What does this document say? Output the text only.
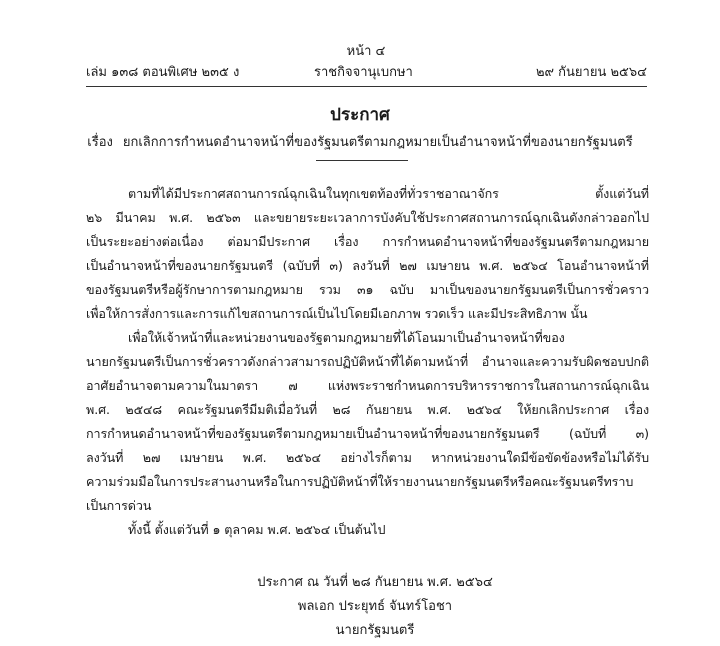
หน้า ๔
เล่ม ๑๓๘ ตอนพิเศษ ๒๓๕ ง	ราชกิจจานุเบกษา	๒๙ กันยายน ๒๕๖๔
ประกาศ
เรื่อง ยกเลิกการกำหนดอำนาจหน้าที่ของรัฐมนตรีตามกฎหมายเป็นอำนาจหน้าที่ของนายกรัฐมนตรี
ตามที่ได้มีประกาศสถานการณ์ฉุกเฉินในทุกเขตท้องที่ทั่วราชอาณาจักร ตั้งแต่วันที่
๒๖ มีนาคม พ.ศ. ๒๕๖๓ และขยายระยะเวลาการบังคับใช้ประกาศสถานการณ์ฉุกเฉินดังกล่าวออกไป
เป็นระยะอย่างต่อเนื่อง ต่อมามีประกาศ เรื่อง การกำหนดอำนาจหน้าที่ของรัฐมนตรีตามกฎหมาย
เป็นอำนาจหน้าที่ของนายกรัฐมนตรี (ฉบับที่ ๓) ลงวันที่ ๒๗ เมษายน พ.ศ. ๒๕๖๔ โอนอำนาจหน้าที่
ของรัฐมนตรีหรือผู้รักษาการตามกฎหมาย รวม ๓๑ ฉบับ มาเป็นของนายกรัฐมนตรีเป็นการชั่วคราว
เพื่อให้การสั่งการและการแก้ไขสถานการณ์เป็นไปโดยมีเอกภาพ รวดเร็ว และมีประสิทธิภาพ นั้น
เพื่อให้เจ้าหน้าที่และหน่วยงานของรัฐตามกฎหมายที่ได้โอนมาเป็นอำนาจหน้าที่ของ
นายกรัฐมนตรีเป็นการชั่วคราวดังกล่าวสามารถปฏิบัติหน้าที่ได้ตามหน้าที่ อำนาจและความรับผิดชอบปกติ
อาศัยอำนาจตามความในมาตรา ๗ แห่งพระราชกำหนดการบริหารราชการในสถานการณ์ฉุกเฉิน
พ.ศ. ๒๕๔๘ คณะรัฐมนตรีมีมติเมื่อวันที่ ๒๘ กันยายน พ.ศ. ๒๕๖๔ ให้ยกเลิกประกาศ เรื่อง
การกำหนดอำนาจหน้าที่ของรัฐมนตรีตามกฎหมายเป็นอำนาจหน้าที่ของนายกรัฐมนตรี (ฉบับที่ ๓)
ลงวันที่ ๒๗ เมษายน พ.ศ. ๒๕๖๔ อย่างไรก็ตาม หากหน่วยงานใดมีข้อขัดข้องหรือไม่ได้รับ
ความร่วมมือในการประสานงานหรือในการปฏิบัติหน้าที่ให้รายงานนายกรัฐมนตรีหรือคณะรัฐมนตรีทราบ
เป็นการด่วน
ทั้งนี้ ตั้งแต่วันที่ ๑ ตุลาคม พ.ศ. ๒๕๖๔ เป็นต้นไป
ประกาศ ณ วันที่ ๒๘ กันยายน พ.ศ. ๒๕๖๔
พลเอก ประยุทธ์ จันทร์โอชา
นายกรัฐมนตรี
